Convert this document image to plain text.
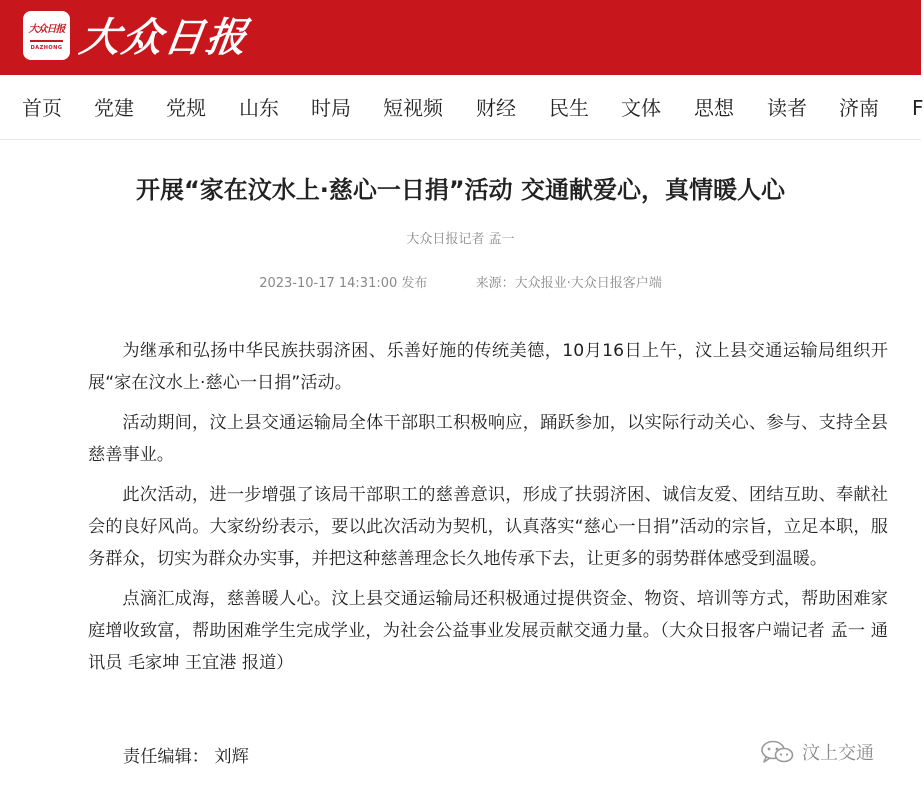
大众日报
DAZHONG 大众日报
首页 党建 党规 山东 时局 短视频 财经 民生 文体 思想 读者 济南 F
开展“家在汶水上·慈心一日捐”活动 交通献爱心，真情暖人心
大众日报记者 孟一
2023-10-17 14:31:00 发布	来源：大众报业·大众日报客户端

为继承和弘扬中华民族扶弱济困、乐善好施的传统美德，10月16日上午，汶上县交通运输局组织开展“家在汶水上·慈心一日捐”活动。

活动期间，汶上县交通运输局全体干部职工积极响应，踊跃参加，以实际行动关心、参与、支持全县慈善事业。

此次活动，进一步增强了该局干部职工的慈善意识，形成了扶弱济困、诚信友爱、团结互助、奉献社会的良好风尚。大家纷纷表示，要以此次活动为契机，认真落实“慈心一日捐”活动的宗旨，立足本职，服务群众，切实为群众办实事，并把这种慈善理念长久地传承下去，让更多的弱势群体感受到温暖。

点滴汇成海，慈善暖人心。汶上县交通运输局还积极通过提供资金、物资、培训等方式，帮助困难家庭增收致富，帮助困难学生完成学业，为社会公益事业发展贡献交通力量。（大众日报客户端记者 孟一 通讯员 毛家坤 王宜港 报道）

责任编辑： 刘辉	汶上交通
